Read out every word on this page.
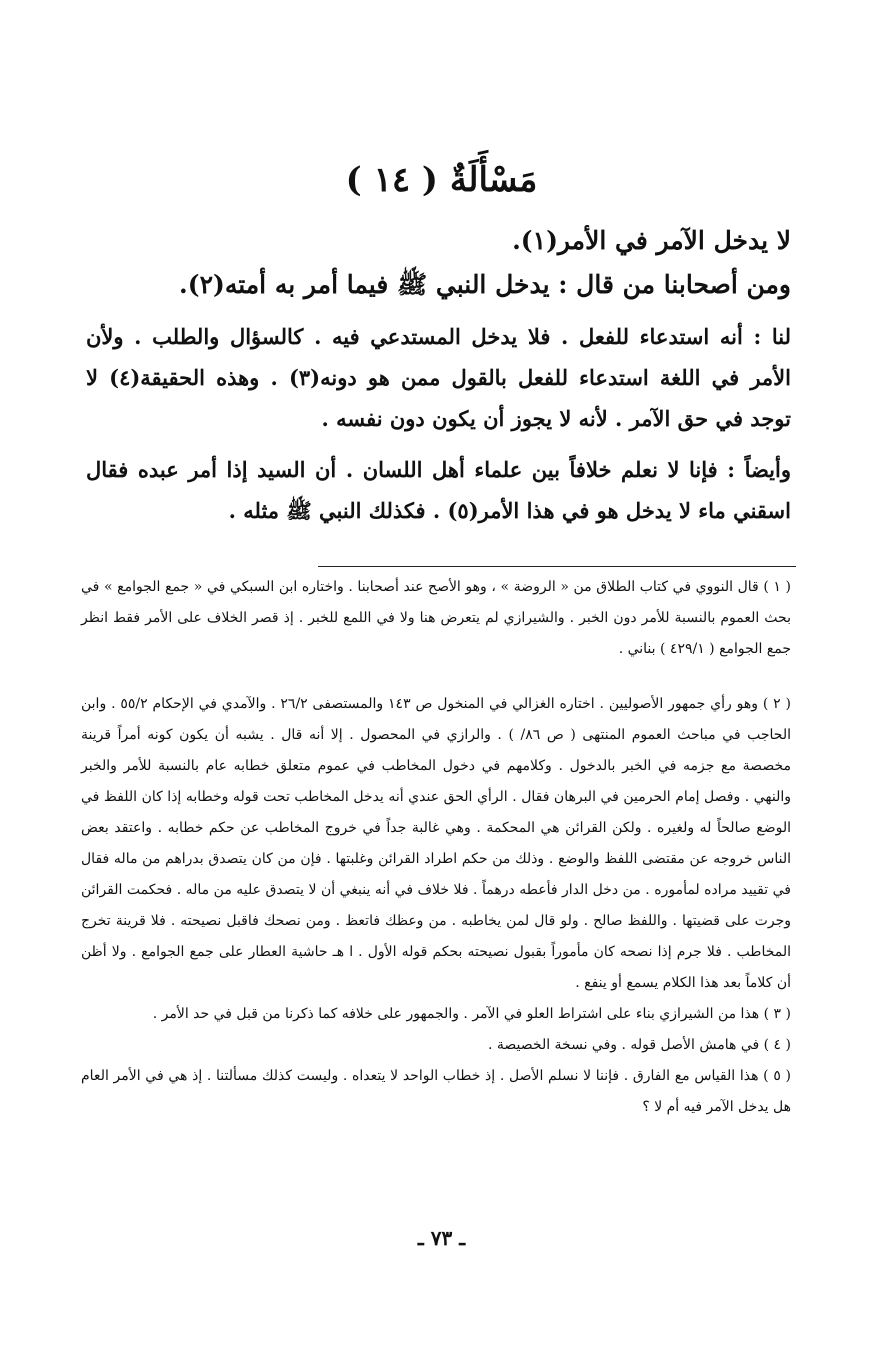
مَسْأَلَةٌ ( ١٤ )

لا يدخل الآمر في الأمر(١).

ومن أصحابنا من قال : يدخل النبي ﷺ فيما أمر به أمته(٢).

لنا : أنه استدعاء للفعل . فلا يدخل المستدعي فيه . كالسؤال والطلب . ولأن الأمر في اللغة استدعاء للفعل بالقول ممن هو دونه(٣) . وهذه الحقيقة(٤) لا توجد في حق الآمر . لأنه لا يجوز أن يكون دون نفسه .

وأيضاً : فإنا لا نعلم خلافاً بين علماء أهل اللسان . أن السيد إذا أمر عبده فقال اسقني ماء لا يدخل هو في هذا الأمر(٥) . فكذلك النبي ﷺ مثله .

( ١ ) قال النووي في كتاب الطلاق من « الروضة » ، وهو الأصح عند أصحابنا . واختاره ابن السبكي في « جمع الجوامع » في بحث العموم بالنسبة للأمر دون الخبر . والشيرازي لم يتعرض هنا ولا في اللمع للخبر . إذ قصر الخلاف على الأمر فقط انظر جمع الجوامع ( ٤٢٩/١ ) بناني .

( ٢ ) وهو رأي جمهور الأصوليين . اختاره الغزالي في المنخول ص ١٤٣ والمستصفى ٢٦/٢ . والآمدي في الإحكام ٥٥/٢ . وابن الحاجب في مباحث العموم المنتهى ( ص ٨٦/ ) . والرازي في المحصول . إلا أنه قال . يشبه أن يكون كونه أمراً قرينة مخصصة مع جزمه في الخبر بالدخول . وكلامهم في دخول المخاطب في عموم متعلق خطابه عام بالنسبة للأمر والخبر والنهي . وفصل إمام الحرمين في البرهان فقال . الرأي الحق عندي أنه يدخل المخاطب تحت قوله وخطابه إذا كان اللفظ في الوضع صالحاً له ولغيره . ولكن القرائن هي المحكمة . وهي غالبة جداً في خروج المخاطب عن حكم خطابه . واعتقد بعض الناس خروجه عن مقتضى اللفظ والوضع . وذلك من حكم اطراد القرائن وغلبتها . فإن من كان يتصدق بدراهم من ماله فقال في تقييد مراده لمأموره . من دخل الدار فأعطه درهماً . فلا خلاف في أنه ينبغي أن لا يتصدق عليه من ماله . فحكمت القرائن وجرت على قضيتها . واللفظ صالح . ولو قال لمن يخاطبه . من وعظك فاتعظ . ومن نصحك فاقبل نصيحته . فلا قرينة تخرج المخاطب . فلا جرم إذا نصحه كان مأموراً بقبول نصيحته بحكم قوله الأول . ا هـ حاشية العطار على جمع الجوامع . ولا أظن أن كلاماً بعد هذا الكلام يسمع أو ينفع .

( ٣ ) هذا من الشيرازي بناء على اشتراط العلو في الآمر . والجمهور على خلافه كما ذكرنا من قبل في حد الأمر .

( ٤ ) في هامش الأصل قوله . وفي نسخة الخصيصة .

( ٥ ) هذا القياس مع الفارق . فإننا لا نسلم الأصل . إذ خطاب الواحد لا يتعداه . وليست كذلك مسألتنا . إذ هي في الأمر العام هل يدخل الآمر فيه أم لا ؟

ـ ٧٣ ـ
